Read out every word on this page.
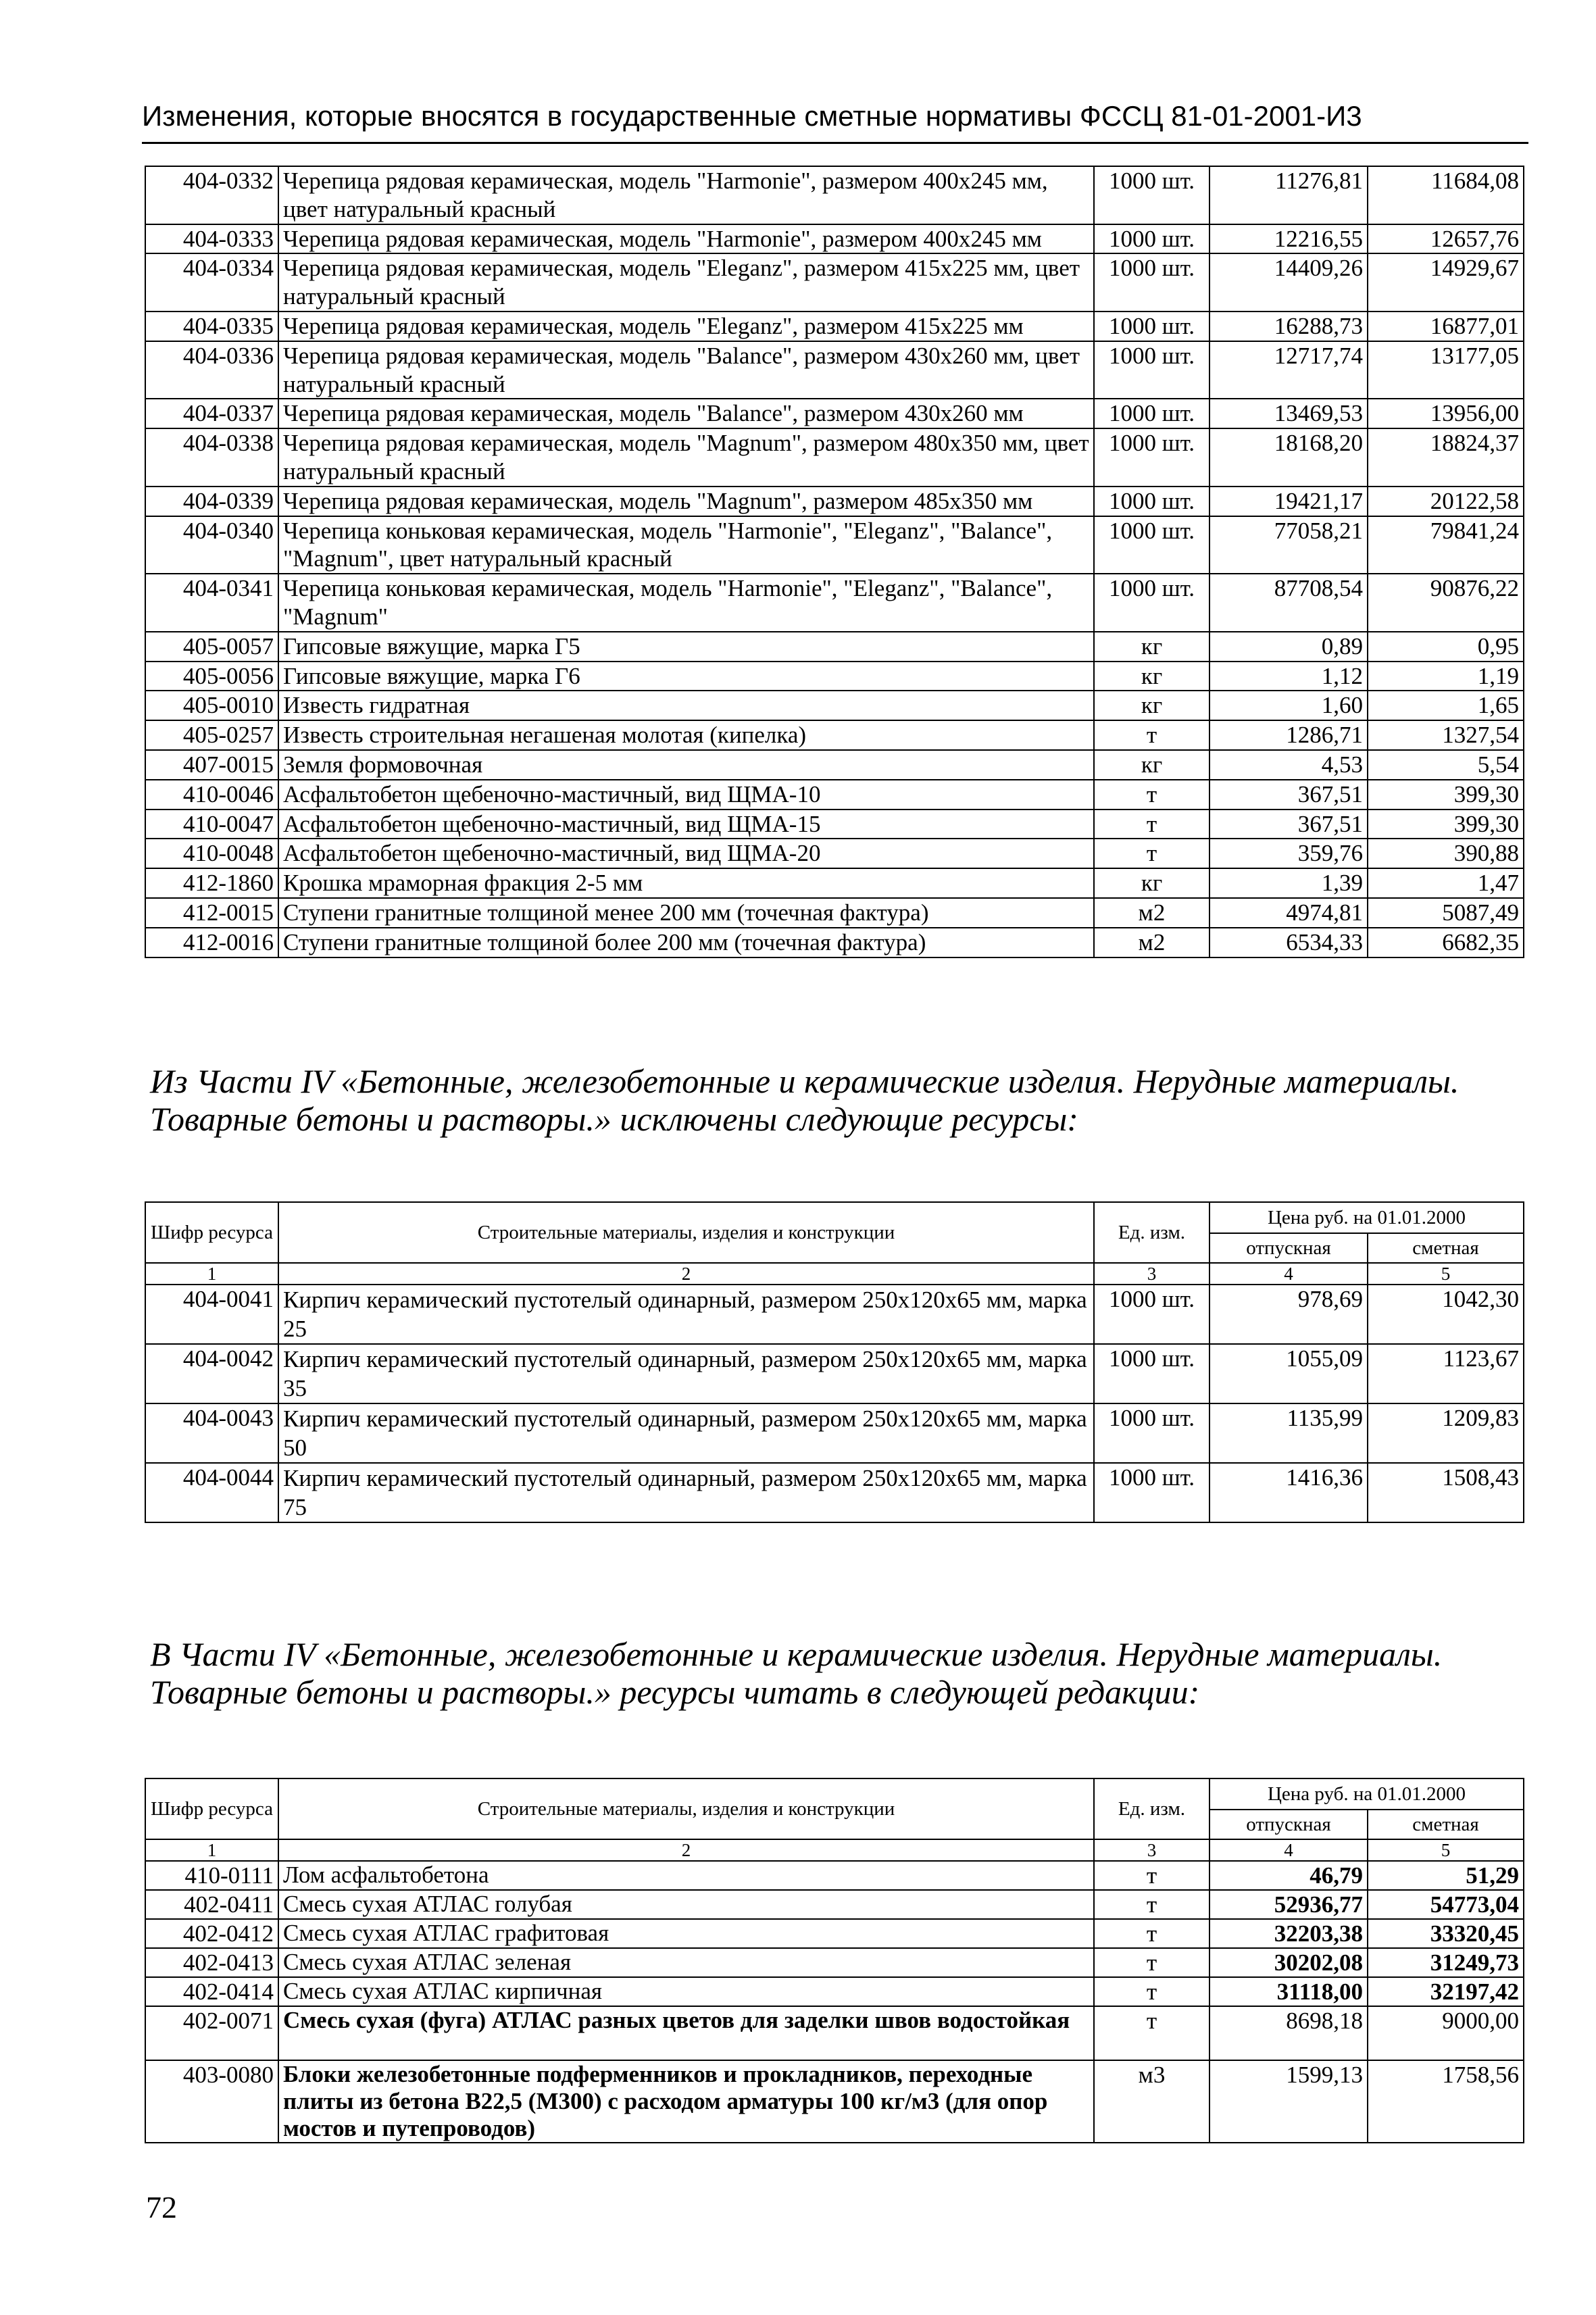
Изменения, которые вносятся в государственные сметные нормативы ФССЦ 81-01-2001-И3
404-0332	Черепица рядовая керамическая, модель "Harmonie", размером 400x245 мм, цвет натуральный красный	1000 шт.	11276,81	11684,08
404-0333	Черепица рядовая керамическая, модель "Harmonie", размером 400x245 мм	1000 шт.	12216,55	12657,76
404-0334	Черепица рядовая керамическая, модель "Eleganz", размером 415x225 мм, цвет натуральный красный	1000 шт.	14409,26	14929,67
404-0335	Черепица рядовая керамическая, модель "Eleganz", размером 415x225 мм	1000 шт.	16288,73	16877,01
404-0336	Черепица рядовая керамическая, модель "Balance", размером 430x260 мм, цвет натуральный красный	1000 шт.	12717,74	13177,05
404-0337	Черепица рядовая керамическая, модель "Balance", размером 430x260 мм	1000 шт.	13469,53	13956,00
404-0338	Черепица рядовая керамическая, модель "Magnum", размером 480x350 мм, цвет натуральный красный	1000 шт.	18168,20	18824,37
404-0339	Черепица рядовая керамическая, модель "Magnum", размером 485x350 мм	1000 шт.	19421,17	20122,58
404-0340	Черепица коньковая керамическая, модель "Harmonie", "Eleganz", "Balance", "Magnum", цвет натуральный красный	1000 шт.	77058,21	79841,24
404-0341	Черепица коньковая керамическая, модель "Harmonie", "Eleganz", "Balance", "Magnum"	1000 шт.	87708,54	90876,22
405-0057	Гипсовые вяжущие, марка Г5	кг	0,89	0,95
405-0056	Гипсовые вяжущие, марка Г6	кг	1,12	1,19
405-0010	Известь гидратная	кг	1,60	1,65
405-0257	Известь строительная негашеная молотая (кипелка)	т	1286,71	1327,54
407-0015	Земля формовочная	кг	4,53	5,54
410-0046	Асфальтобетон щебеночно-мастичный, вид ЩМА-10	т	367,51	399,30
410-0047	Асфальтобетон щебеночно-мастичный, вид ЩМА-15	т	367,51	399,30
410-0048	Асфальтобетон щебеночно-мастичный, вид ЩМА-20	т	359,76	390,88
412-1860	Крошка мраморная фракция 2-5 мм	кг	1,39	1,47
412-0015	Ступени гранитные толщиной менее 200 мм (точечная фактура)	м2	4974,81	5087,49
412-0016	Ступени гранитные толщиной более 200 мм (точечная фактура)	м2	6534,33	6682,35
Из Части IV «Бетонные, железобетонные и керамические изделия. Нерудные материалы. Товарные бетоны и растворы.» исключены следующие ресурсы:
Шифр ресурса	Строительные материалы, изделия и конструкции	Ед. изм.	Цена руб. на 01.01.2000	
			отпускная	сметная
1	2	3	4	5
404-0041	Кирпич керамический пустотелый одинарный, размером 250x120x65 мм, марка 25	1000 шт.	978,69	1042,30
404-0042	Кирпич керамический пустотелый одинарный, размером 250x120x65 мм, марка 35	1000 шт.	1055,09	1123,67
404-0043	Кирпич керамический пустотелый одинарный, размером 250x120x65 мм, марка 50	1000 шт.	1135,99	1209,83
404-0044	Кирпич керамический пустотелый одинарный, размером 250x120x65 мм, марка 75	1000 шт.	1416,36	1508,43
В Части IV «Бетонные, железобетонные и керамические изделия. Нерудные материалы. Товарные бетоны и растворы.» ресурсы читать в следующей редакции:
Шифр ресурса	Строительные материалы, изделия и конструкции	Ед. изм.	Цена руб. на 01.01.2000	
			отпускная	сметная
1	2	3	4	5
410-0111	Лом асфальтобетона	т	46,79	51,29
402-0411	Смесь сухая АТЛАС голубая	т	52936,77	54773,04
402-0412	Смесь сухая АТЛАС графитовая	т	32203,38	33320,45
402-0413	Смесь сухая АТЛАС зеленая	т	30202,08	31249,73
402-0414	Смесь сухая АТЛАС кирпичная	т	31118,00	32197,42
402-0071	Смесь сухая (фуга) АТЛАС разных цветов для заделки швов водостойкая	т	8698,18	9000,00
403-0080	Блоки железобетонные подферменников и прокладников, переходные плиты из бетона В22,5 (М300) с расходом арматуры 100 кг/м3 (для опор мостов и путепроводов)	м3	1599,13	1758,56
72
